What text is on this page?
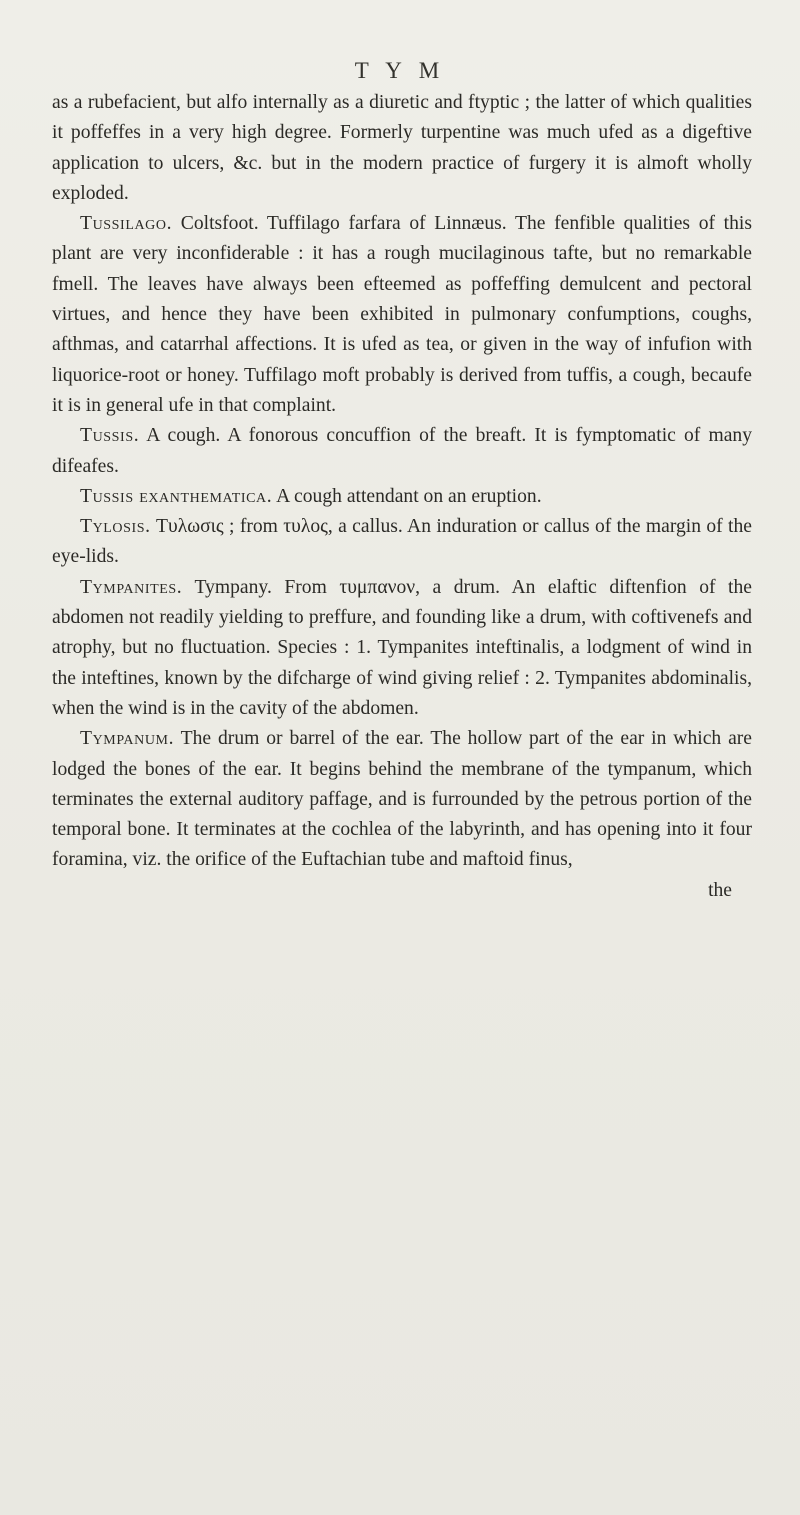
T Y M

as a rubefacient, but alfo internally as a diuretic and ftyptic ; the latter of which qualities it poffeffes in a very high degree. Formerly turpentine was much ufed as a digeftive application to ulcers, &c. but in the modern practice of furgery it is almoft wholly exploded.

Tussilago. Coltsfoot. Tuffilago farfara of Linnæus. The fenfible qualities of this plant are very inconfiderable : it has a rough mucilaginous tafte, but no remarkable fmell. The leaves have always been efteemed as poffeffing demulcent and pectoral virtues, and hence they have been exhibited in pulmonary confumptions, coughs, afthmas, and catarrhal affections. It is ufed as tea, or given in the way of infufion with liquorice-root or honey. Tuffilago moft probably is derived from tuffis, a cough, becaufe it is in general ufe in that complaint.

Tussis. A cough. A fonorous concuffion of the breaft. It is fymptomatic of many difeafes.

Tussis exanthematica. A cough attendant on an eruption.

Tylosis. Τυλωσις ; from τυλος, a callus. An induration or callus of the margin of the eye-lids.

Tympanites. Tympany. From τυμπανον, a drum. An elaftic diftenfion of the abdomen not readily yielding to preffure, and founding like a drum, with coftivenefs and atrophy, but no fluctuation. Species : 1. Tympanites inteftinalis, a lodgment of wind in the inteftines, known by the difcharge of wind giving relief : 2. Tympanites abdominalis, when the wind is in the cavity of the abdomen.

Tympanum. The drum or barrel of the ear. The hollow part of the ear in which are lodged the bones of the ear. It begins behind the membrane of the tympanum, which terminates the external auditory paffage, and is furrounded by the petrous portion of the temporal bone. It terminates at the cochlea of the labyrinth, and has opening into it four foramina, viz. the orifice of the Euftachian tube and maftoid finus,

the
